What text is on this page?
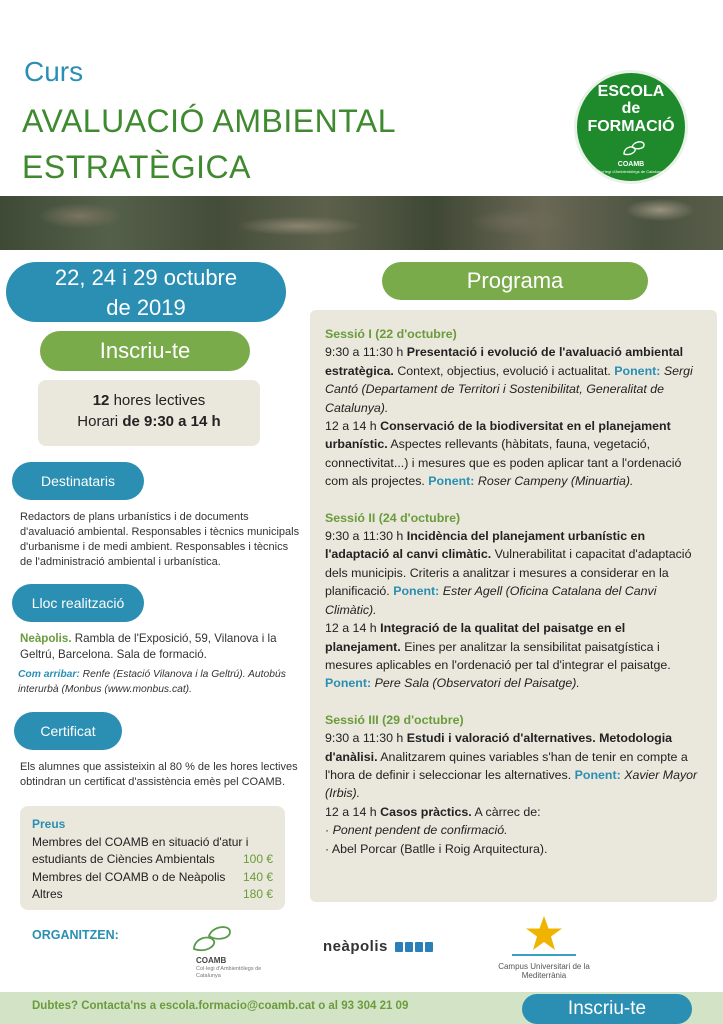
Curs
AVALUACIÓ AMBIENTAL
ESTRATÈGICA
ESCOLA
de
FORMACIÓ
COAMB
Col·legi d'Ambientòlegs de Catalunya
22, 24 i 29 octubre
de 2019
Inscriu-te
12 hores lectives
Horari de 9:30 a 14 h
Destinataris
Redactors de plans urbanístics i de documents d'avaluació ambiental. Responsables i tècnics municipals d'urbanisme i de medi ambient. Responsables i tècnics de l'administració ambiental i urbanística.
Lloc realització
Neàpolis. Rambla de l'Exposició, 59, Vilanova i la Geltrú, Barcelona. Sala de formació.
Com arribar: Renfe (Estació Vilanova i la Geltrú). Autobús interurbà (Monbus (www.monbus.cat).
Certificat
Els alumnes que assisteixin al 80 % de les hores lectives obtindran un certificat d'assistència emès pel COAMB.
Preus
Membres del COAMB en situació d'atur i
estudiants de Ciències Ambientals 100 €
Membres del COAMB o de Neàpolis 140 €
Altres	180 €
Programa

Sessió I (22 d'octubre)

9:30 a 11:30 h Presentació i evolució de l'avaluació ambiental estratègica. Context, objectius, evolució i actualitat. Ponent: Sergi Cantó (Departament de Territori i Sostenibilitat, Generalitat de Catalunya).

12 a 14 h Conservació de la biodiversitat en el planejament urbanístic. Aspectes rellevants (hàbitats, fauna, vegetació, connectivitat...) i mesures que es poden aplicar tant a l'ordenació com als projectes. Ponent: Roser Campeny (Minuartia).

Sessió II (24 d'octubre)

9:30 a 11:30 h Incidència del planejament urbanístic en l'adaptació al canvi climàtic. Vulnerabilitat i capacitat d'adaptació dels municipis. Criteris a analitzar i mesures a considerar en la planificació. Ponent: Ester Agell (Oficina Catalana del Canvi Climàtic).

12 a 14 h Integració de la qualitat del paisatge en el planejament. Eines per analitzar la sensibilitat paisatgística i mesures aplicables en l'ordenació per tal d'integrar el paisatge. Ponent: Pere Sala (Observatori del Paisatge).

Sessió III (29 d'octubre)

9:30 a 11:30 h Estudi i valoració d'alternatives. Metodologia d'anàlisi. Analitzarem quines variables s'han de tenir en compte a l'hora de definir i seleccionar les alternatives. Ponent: Xavier Mayor (Irbis).

12 a 14 h Casos pràctics. A càrrec de:

· Ponent pendent de confirmació.

· Abel Porcar (Batlle i Roig Arquitectura).

ORGANITZEN:
COAMB
Col·legi d'Ambientòlegs de Catalunya
neàpolis
Campus Universitari de la Mediterrània
Dubtes? Contacta'ns a escola.formacio@coamb.cat o al 93 304 21 09	Inscriu-te
